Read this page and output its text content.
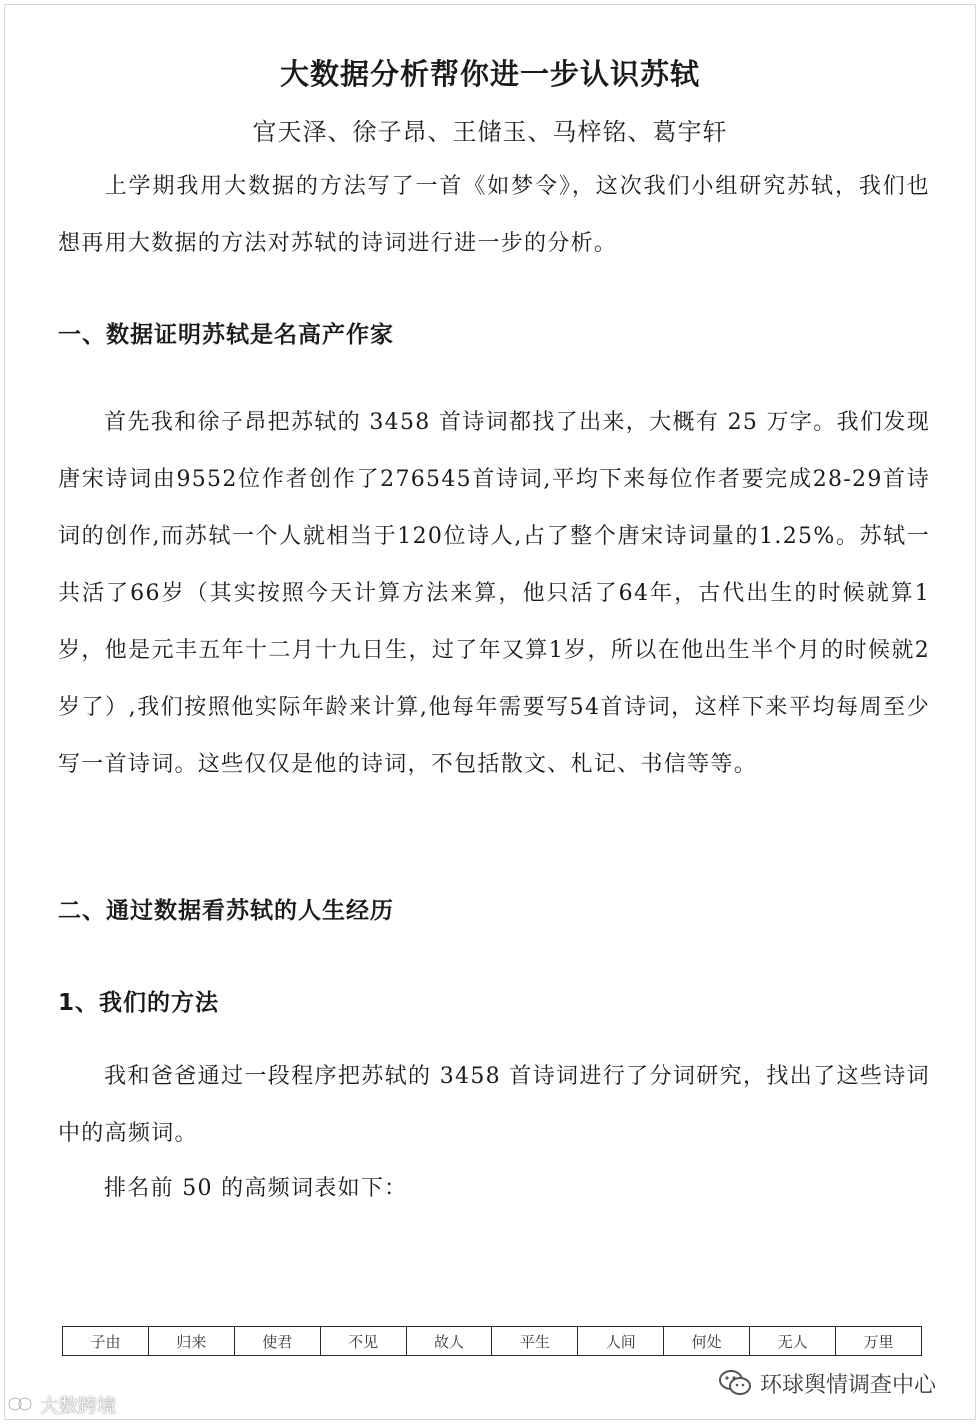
大数据分析帮你进一步认识苏轼
官天泽、徐子昂、王储玉、马梓铭、葛宇轩
上学期我用大数据的方法写了一首《如梦令》，这次我们小组研究苏轼，我们也想再用大数据的方法对苏轼的诗词进行进一步的分析。
一、数据证明苏轼是名高产作家
首先我和徐子昂把苏轼的 3458 首诗词都找了出来，大概有 25 万字。我们发现唐宋诗词由9552位作者创作了276545首诗词,平均下来每位作者要完成28-29首诗词的创作,而苏轼一个人就相当于120位诗人,占了整个唐宋诗词量的1.25%。苏轼一共活了66岁（其实按照今天计算方法来算，他只活了64年，古代出生的时候就算1岁，他是元丰五年十二月十九日生，过了年又算1岁，所以在他出生半个月的时候就2岁了）,我们按照他实际年龄来计算,他每年需要写54首诗词，这样下来平均每周至少写一首诗词。这些仅仅是他的诗词，不包括散文、札记、书信等等。
二、通过数据看苏轼的人生经历
1、我们的方法
我和爸爸通过一段程序把苏轼的 3458 首诗词进行了分词研究，找出了这些诗词中的高频词。
排名前 50 的高频词表如下：
子由	归来	使君	不见	故人	平生	人间	何处	无人	万里
环球舆情调查中心
大数跨境
